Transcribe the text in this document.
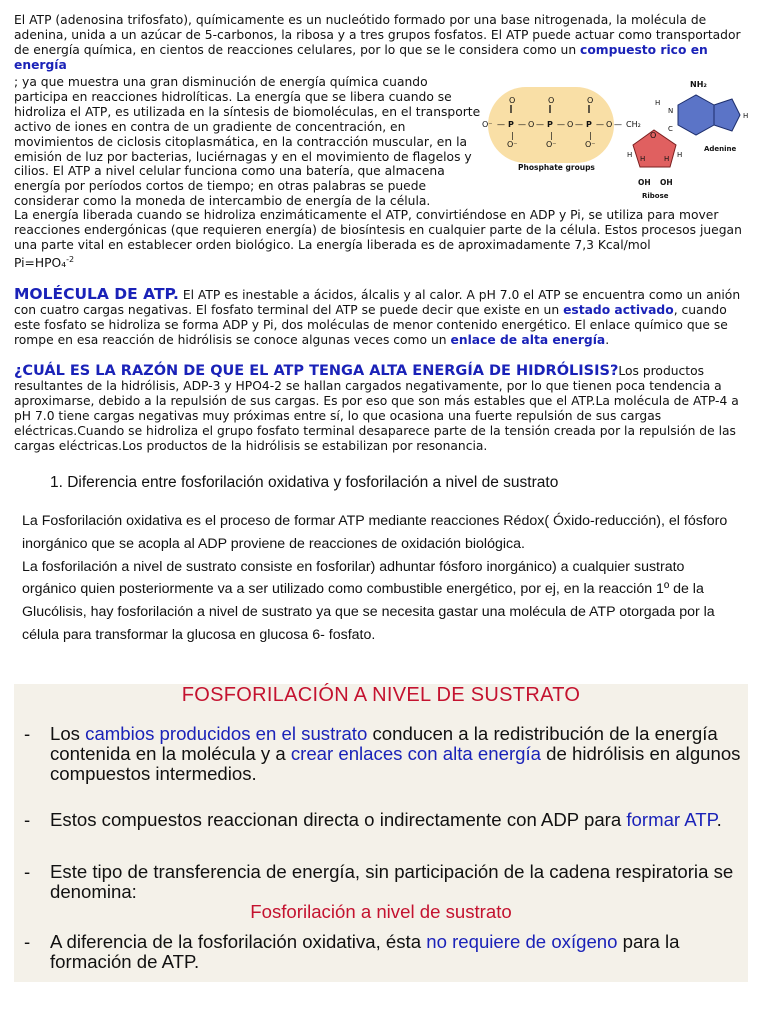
El ATP (adenosina trifosfato), químicamente es un nucleótido formado por una base nitrogenada, la molécula de adenina, unida a un azúcar de 5-carbonos, la ribosa y a tres grupos fosfatos. El ATP puede actuar como transportador de energía química, en cientos de reacciones celulares, por lo que se le considera como un compuesto rico en energía
; ya que muestra una gran disminución de energía química cuando participa en reacciones hidrolíticas. La energía que se libera cuando se hidroliza el ATP, es utilizada en la síntesis de biomoléculas, en el transporte activo de iones en contra de un gradiente de concentración, en movimientos de ciclosis citoplasmática, en la contracción muscular, en la emisión de luz por bacterias, luciérnagas y en el movimiento de flagelos y cilios. El ATP a nivel celular funciona como una batería, que almacena energía por períodos cortos de tiempo; en otras palabras se puede considerar como la moneda de intercambio de energía de la célula.
O⁻ — P — O — P — O — P — O —
O	O	O
‖	‖	‖
O⁻	O⁻	O⁻
|	|	|
CH₂
Phosphate groups
O
H	H
H	H
OH OH
Ribose
NH₂
N
C
H
H
Adenine
La energía liberada cuando se hidroliza enzimáticamente el ATP, convirtiéndose en ADP y Pi, se utiliza para mover reacciones endergónicas (que requieren energía) de biosíntesis en cualquier parte de la célula. Estos procesos juegan una parte vital en establecer orden biológico. La energía liberada es de aproximadamente 7,3 Kcal/mol  Pi=HPO₄$^{-2}$
MOLÉCULA DE ATP. El ATP es inestable a ácidos, álcalis y al calor. A pH 7.0 el ATP se encuentra como un anión con cuatro cargas negativas. El fosfato terminal del ATP se puede decir que existe en un estado activado, cuando este fosfato se hidroliza se forma ADP y Pi, dos moléculas de menor contenido energético. El enlace químico que se rompe en esa reacción de hidrólisis se conoce algunas veces como un enlace de alta energía.
¿CUÁL ES LA RAZÓN DE QUE EL ATP TENGA ALTA ENERGÍA DE HIDRÓLISIS?Los productos resultantes de la hidrólisis, ADP-3 y HPO4-2 se hallan cargados negativamente, por lo que tienen poca tendencia a aproximarse, debido a la repulsión de sus cargas. Es por eso que son más estables que el ATP.La molécula de ATP-4 a pH 7.0 tiene cargas negativas muy próximas entre sí, lo que ocasiona una fuerte repulsión de sus cargas eléctricas.Cuando se hidroliza el grupo fosfato terminal desaparece parte de la tensión creada por la repulsión de las cargas eléctricas.Los productos de la hidrólisis se estabilizan por resonancia.
1. Diferencia entre fosforilación oxidativa y fosforilación a nivel de sustrato
La Fosforilación oxidativa es el proceso de formar ATP mediante reacciones Rédox( Óxido-reducción), el fósforo inorgánico que se acopla al ADP proviene de reacciones de oxidación biológica.
La fosforilación a nivel de sustrato consiste en fosforilar) adhuntar fósforo inorgánico) a cualquier sustrato orgánico quien posteriormente va a ser utilizado como combustible energético, por ej, en la reacción 1º de la Glucólisis, hay fosforilación a nivel de sustrato ya que se necesita gastar una molécula de ATP otorgada por la célula para transformar la glucosa en glucosa 6- fosfato.
FOSFORILACIÓN A NIVEL DE SUSTRATO
- Los cambios producidos en el sustrato conducen a la redistribución de la energía contenida en la molécula y a crear enlaces con alta energía de hidrólisis en algunos compuestos intermedios.
- Estos compuestos reaccionan directa o indirectamente con ADP para formar ATP.
- Este tipo de transferencia de energía, sin participación de la cadena respiratoria se denomina:
Fosforilación a nivel de sustrato
- A diferencia de la fosforilación oxidativa, ésta no requiere de oxígeno para la formación de ATP.
